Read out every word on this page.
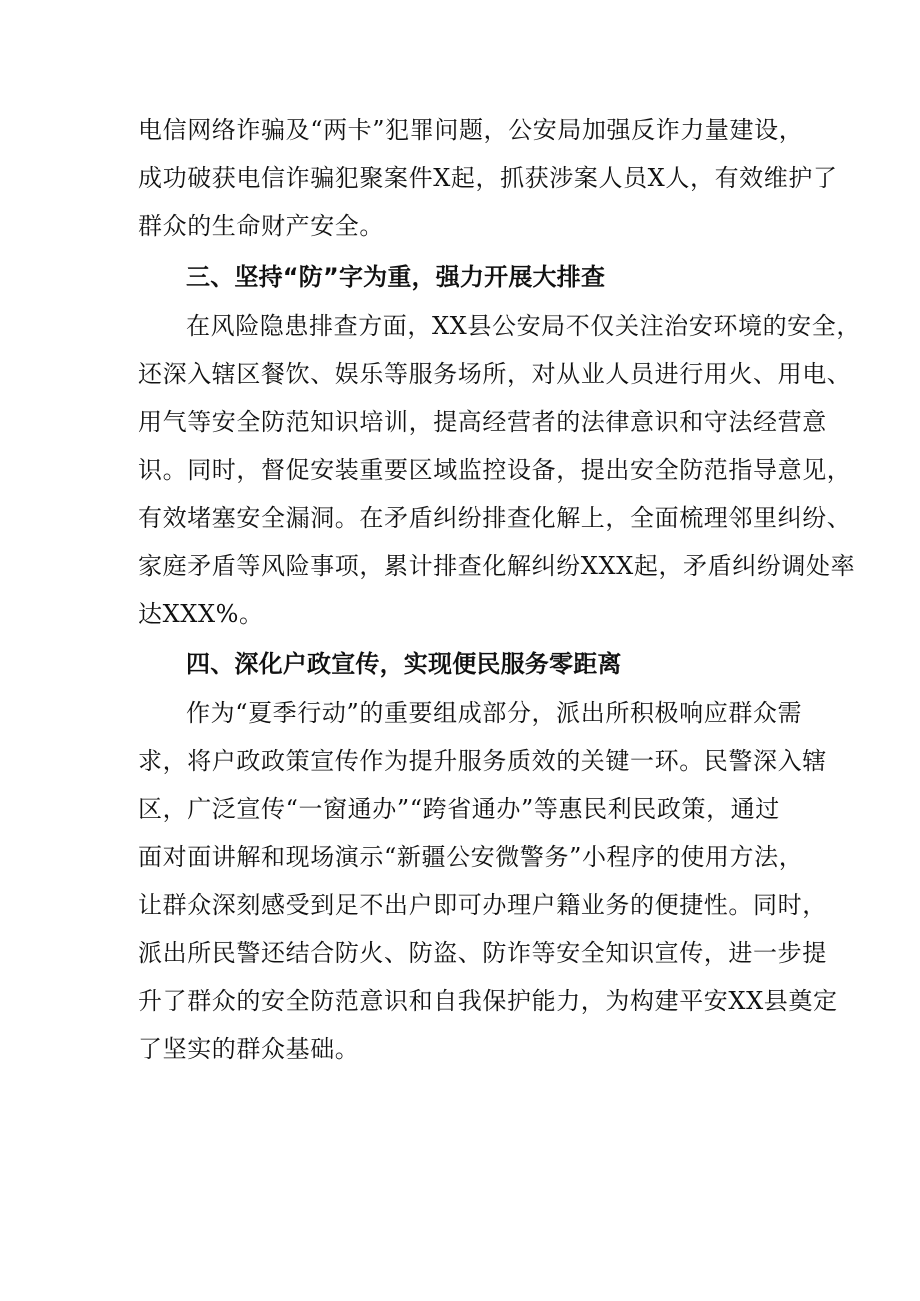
电信网络诈骗及“两卡”犯罪问题，公安局加强反诈力量建设，

成功破获电信诈骗犯聚案件X起，抓获涉案人员X人，有效维护了

群众的生命财产安全。

三、坚持“防”字为重，强力开展大排查

在风险隐患排查方面，XX县公安局不仅关注治安环境的安全，

还深入辖区餐饮、娱乐等服务场所，对从业人员进行用火、用电、

用气等安全防范知识培训，提高经营者的法律意识和守法经营意

识。同时，督促安装重要区域监控设备，提出安全防范指导意见，

有效堵塞安全漏洞。在矛盾纠纷排查化解上，全面梳理邻里纠纷、

家庭矛盾等风险事项，累计排查化解纠纷XXX起，矛盾纠纷调处率

达XXX%。

四、深化户政宣传，实现便民服务零距离

作为“夏季行动”的重要组成部分，派出所积极响应群众需

求，将户政政策宣传作为提升服务质效的关键一环。民警深入辖

区，广泛宣传“一窗通办”“跨省通办”等惠民利民政策，通过

面对面讲解和现场演示“新疆公安微警务”小程序的使用方法，

让群众深刻感受到足不出户即可办理户籍业务的便捷性。同时，

派出所民警还结合防火、防盗、防诈等安全知识宣传，进一步提

升了群众的安全防范意识和自我保护能力，为构建平安XX县奠定

了坚实的群众基础。
